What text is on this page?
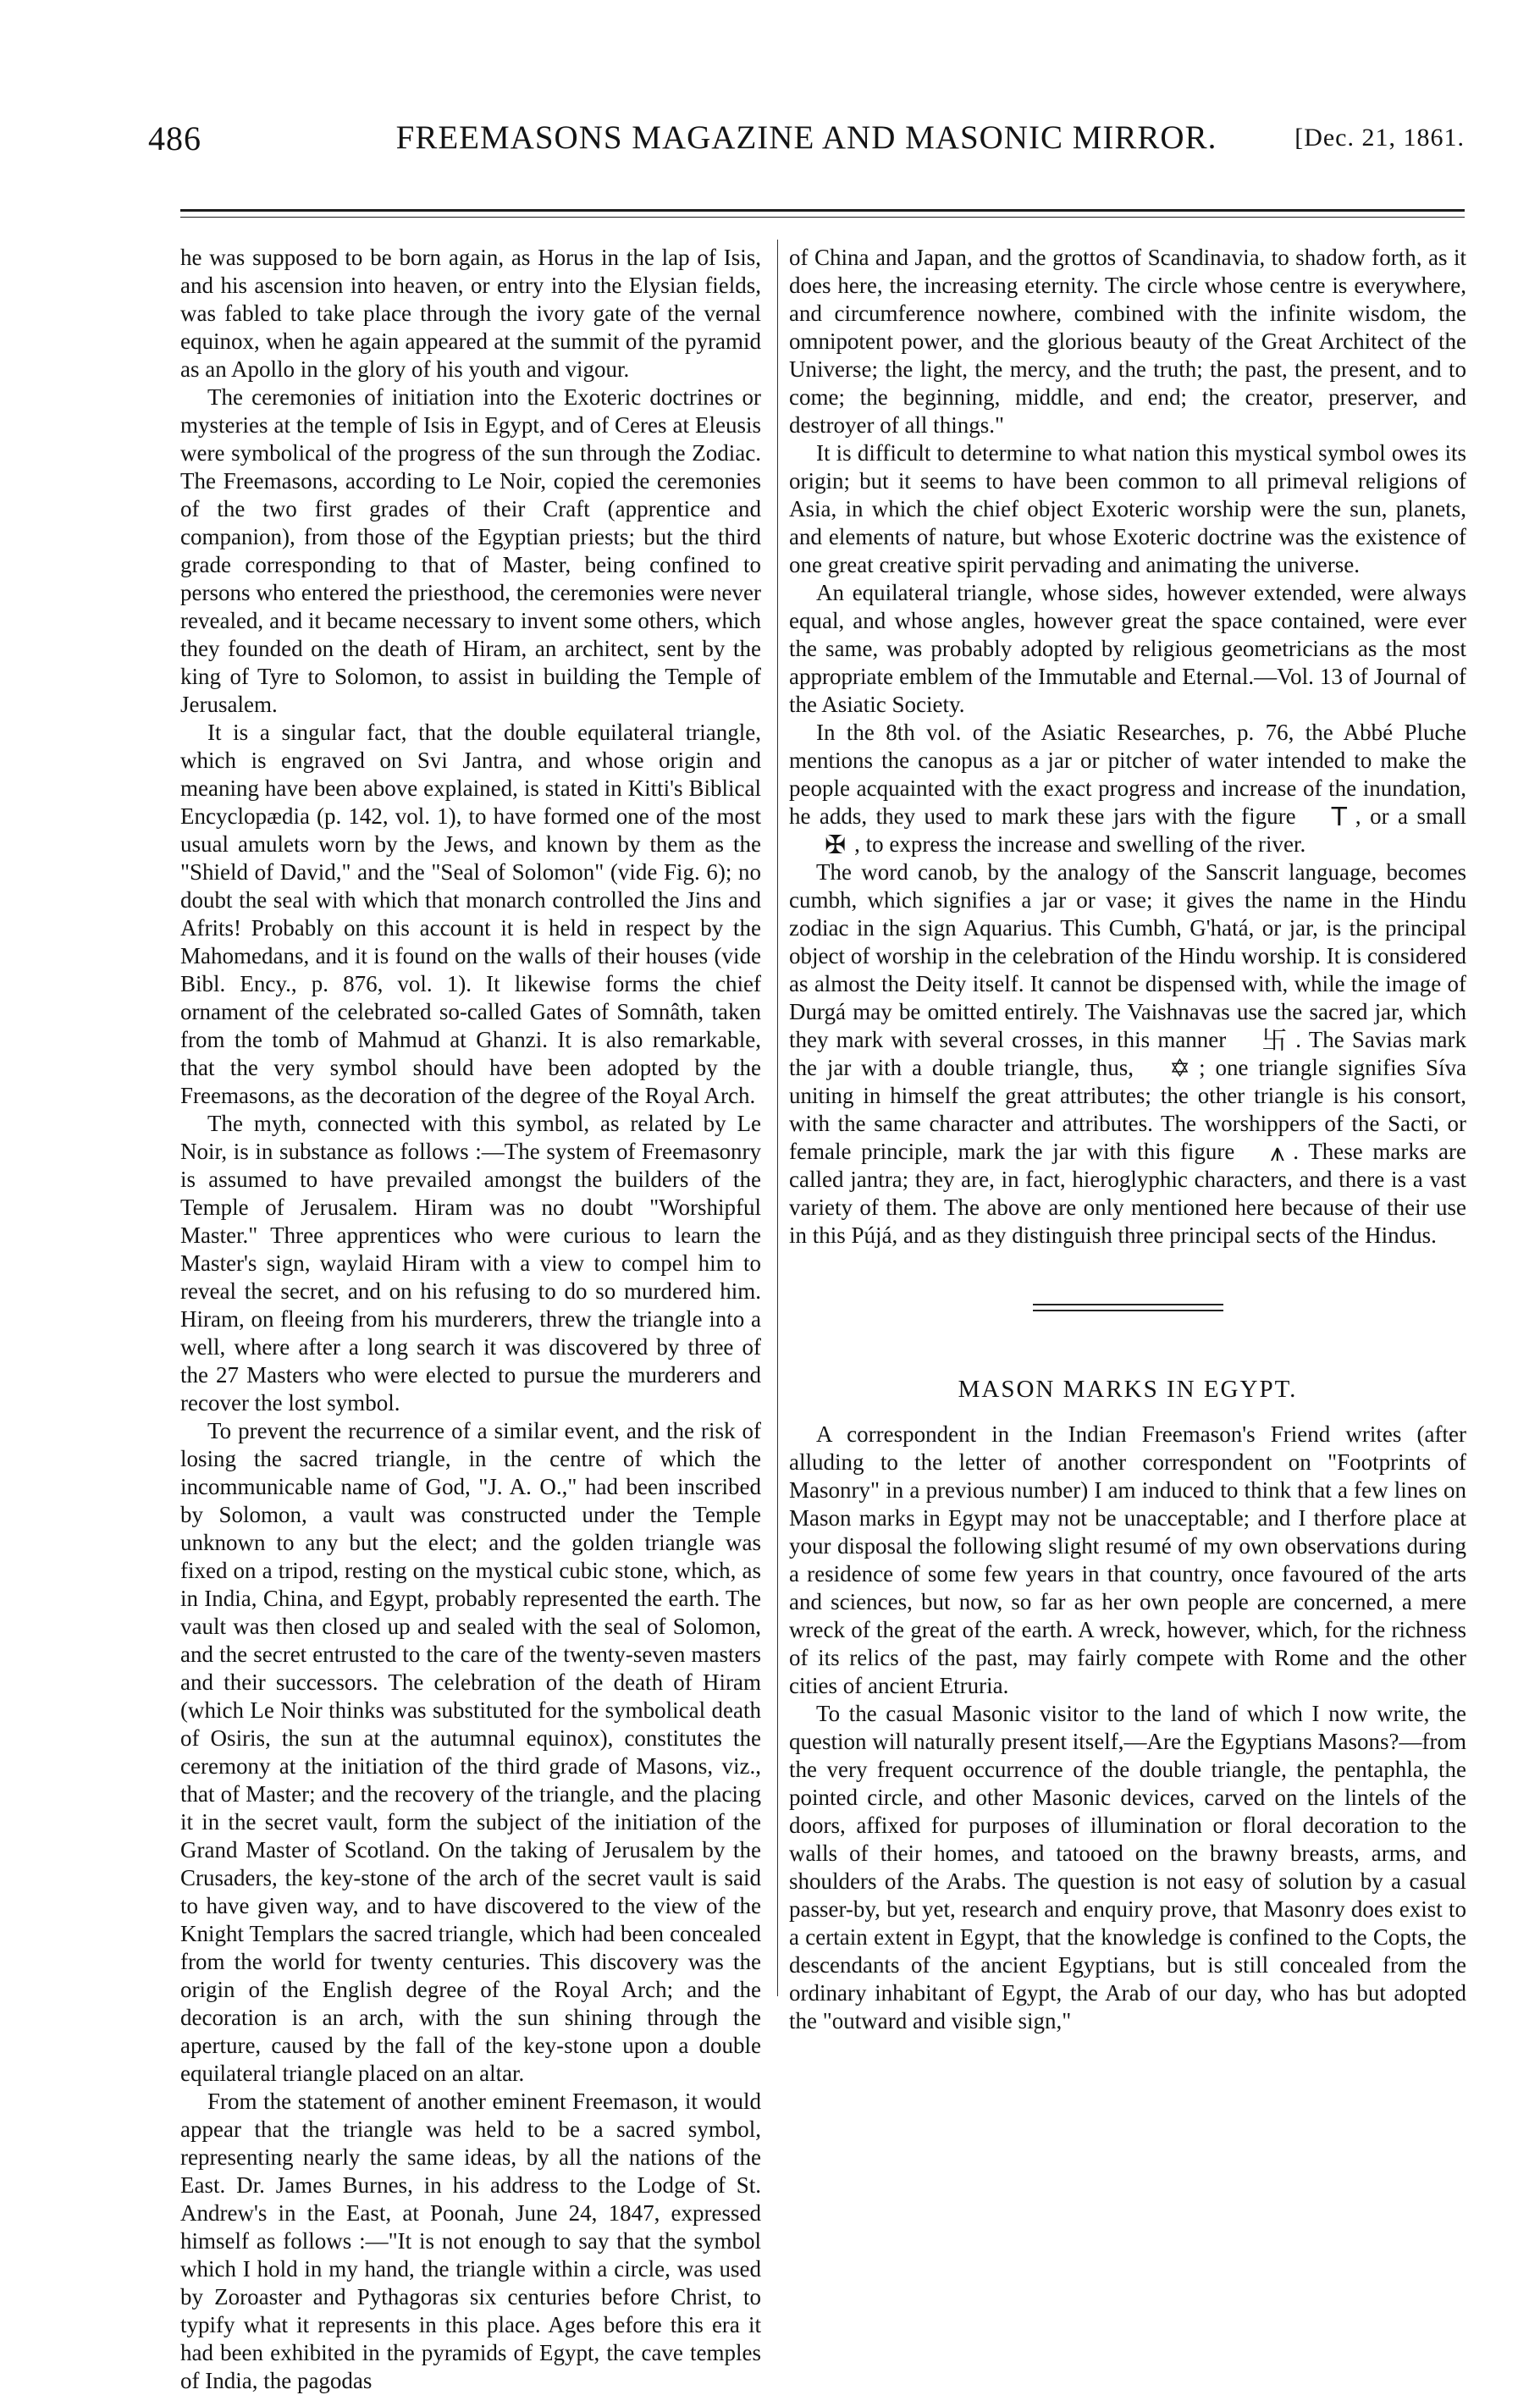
486	FREEMASONS MAGAZINE AND MASONIC MIRROR.	[Dec. 21, 1861.

he was supposed to be born again, as Horus in the lap of Isis, and his ascension into heaven, or entry into the Elysian fields, was fabled to take place through the ivory gate of the vernal equinox, when he again appeared at the summit of the pyramid as an Apollo in the glory of his youth and vigour.

The ceremonies of initiation into the Exoteric doctrines or mysteries at the temple of Isis in Egypt, and of Ceres at Eleusis were symbolical of the progress of the sun through the Zodiac. The Freemasons, according to Le Noir, copied the ceremonies of the two first grades of their Craft (apprentice and companion), from those of the Egyptian priests; but the third grade corresponding to that of Master, being confined to persons who entered the priesthood, the ceremonies were never revealed, and it became necessary to invent some others, which they founded on the death of Hiram, an architect, sent by the king of Tyre to Solomon, to assist in building the Temple of Jerusalem.

It is a singular fact, that the double equilateral triangle, which is engraved on Svi Jantra, and whose origin and meaning have been above explained, is stated in Kitti's Biblical Encyclopædia (p. 142, vol. 1), to have formed one of the most usual amulets worn by the Jews, and known by them as the "Shield of David," and the "Seal of Solomon" (vide Fig. 6); no doubt the seal with which that monarch controlled the Jins and Afrits! Probably on this account it is held in respect by the Mahomedans, and it is found on the walls of their houses (vide Bibl. Ency., p. 876, vol. 1). It likewise forms the chief ornament of the celebrated so-called Gates of Somnâth, taken from the tomb of Mahmud at Ghanzi. It is also remarkable, that the very symbol should have been adopted by the Freemasons, as the decoration of the degree of the Royal Arch.

The myth, connected with this symbol, as related by Le Noir, is in substance as follows :—The system of Freemasonry is assumed to have prevailed amongst the builders of the Temple of Jerusalem. Hiram was no doubt "Worshipful Master." Three apprentices who were curious to learn the Master's sign, waylaid Hiram with a view to compel him to reveal the secret, and on his refusing to do so murdered him. Hiram, on fleeing from his murderers, threw the triangle into a well, where after a long search it was discovered by three of the 27 Masters who were elected to pursue the murderers and recover the lost symbol.

To prevent the recurrence of a similar event, and the risk of losing the sacred triangle, in the centre of which the incommunicable name of God, "J. A. O.," had been inscribed by Solomon, a vault was constructed under the Temple unknown to any but the elect; and the golden triangle was fixed on a tripod, resting on the mystical cubic stone, which, as in India, China, and Egypt, probably represented the earth. The vault was then closed up and sealed with the seal of Solomon, and the secret entrusted to the care of the twenty-seven masters and their successors. The celebration of the death of Hiram (which Le Noir thinks was substituted for the symbolical death of Osiris, the sun at the autumnal equinox), constitutes the ceremony at the initiation of the third grade of Masons, viz., that of Master; and the recovery of the triangle, and the placing it in the secret vault, form the subject of the initiation of the Grand Master of Scotland. On the taking of Jerusalem by the Crusaders, the key-stone of the arch of the secret vault is said to have given way, and to have discovered to the view of the Knight Templars the sacred triangle, which had been concealed from the world for twenty centuries. This discovery was the origin of the English degree of the Royal Arch; and the decoration is an arch, with the sun shining through the aperture, caused by the fall of the key-stone upon a double equilateral triangle placed on an altar.

From the statement of another eminent Freemason, it would appear that the triangle was held to be a sacred symbol, representing nearly the same ideas, by all the nations of the East. Dr. James Burnes, in his address to the Lodge of St. Andrew's in the East, at Poonah, June 24, 1847, expressed himself as follows :—"It is not enough to say that the symbol which I hold in my hand, the triangle within a circle, was used by Zoroaster and Pythagoras six centuries before Christ, to typify what it represents in this place. Ages before this era it had been exhibited in the pyramids of Egypt, the cave temples of India, the pagodas

of China and Japan, and the grottos of Scandinavia, to shadow forth, as it does here, the increasing eternity. The circle whose centre is everywhere, and circumference nowhere, combined with the infinite wisdom, the omnipotent power, and the glorious beauty of the Great Architect of the Universe; the light, the mercy, and the truth; the past, the present, and to come; the beginning, middle, and end; the creator, preserver, and destroyer of all things."

It is difficult to determine to what nation this mystical symbol owes its origin; but it seems to have been common to all primeval religions of Asia, in which the chief object Exoteric worship were the sun, planets, and elements of nature, but whose Exoteric doctrine was the existence of one great creative spirit pervading and animating the universe.

An equilateral triangle, whose sides, however extended, were always equal, and whose angles, however great the space contained, were ever the same, was probably adopted by religious geometricians as the most appropriate emblem of the Immutable and Eternal.—Vol. 13 of Journal of the Asiatic Society.

In the 8th vol. of the Asiatic Researches, p. 76, the Abbé Pluche mentions the canopus as a jar or pitcher of water intended to make the people acquainted with the exact progress and increase of the inundation, he adds, they used to mark these jars with the figure T , or a small✠ , to express the increase and swelling of the river.

The word canob, by the analogy of the Sanscrit language, becomes cumbh, which signifies a jar or vase; it gives the name in the Hindu zodiac in the sign Aquarius. This Cumbh, G'hatá, or jar, is the principal object of worship in the celebration of the Hindu worship. It is considered as almost the Deity itself. It cannot be dispensed with, while the image of Durgá may be omitted entirely. The Vaishnavas use the sacred jar, which they mark with several crosses, in this manner 卐 . The Savias mark the jar with a double triangle, thus, ✡ ; one triangle signifies Síva uniting in himself the great attributes; the other triangle is his consort, with the same character and attributes. The worshippers of the Sacti, or female principle, mark the jar with this figure ⩚ . These marks are called jantra; they are, in fact, hieroglyphic characters, and there is a vast variety of them. The above are only mentioned here because of their use in this Pújá, and as they distinguish three principal sects of the Hindus.

MASON MARKS IN EGYPT.

A correspondent in the Indian Freemason's Friend writes (after alluding to the letter of another correspondent on "Footprints of Masonry" in a previous number) I am induced to think that a few lines on Mason marks in Egypt may not be unacceptable; and I therfore place at your disposal the following slight resumé of my own observations during a residence of some few years in that country, once favoured of the arts and sciences, but now, so far as her own people are concerned, a mere wreck of the great of the earth. A wreck, however, which, for the richness of its relics of the past, may fairly compete with Rome and the other cities of ancient Etruria.

To the casual Masonic visitor to the land of which I now write, the question will naturally present itself,—Are the Egyptians Masons?—from the very frequent occurrence of the double triangle, the pentaphla, the pointed circle, and other Masonic devices, carved on the lintels of the doors, affixed for purposes of illumination or floral decoration to the walls of their homes, and tatooed on the brawny breasts, arms, and shoulders of the Arabs. The question is not easy of solution by a casual passer-by, but yet, research and enquiry prove, that Masonry does exist to a certain extent in Egypt, that the knowledge is confined to the Copts, the descendants of the ancient Egyptians, but is still concealed from the ordinary inhabitant of Egypt, the Arab of our day, who has but adopted the "outward and visible sign,"
